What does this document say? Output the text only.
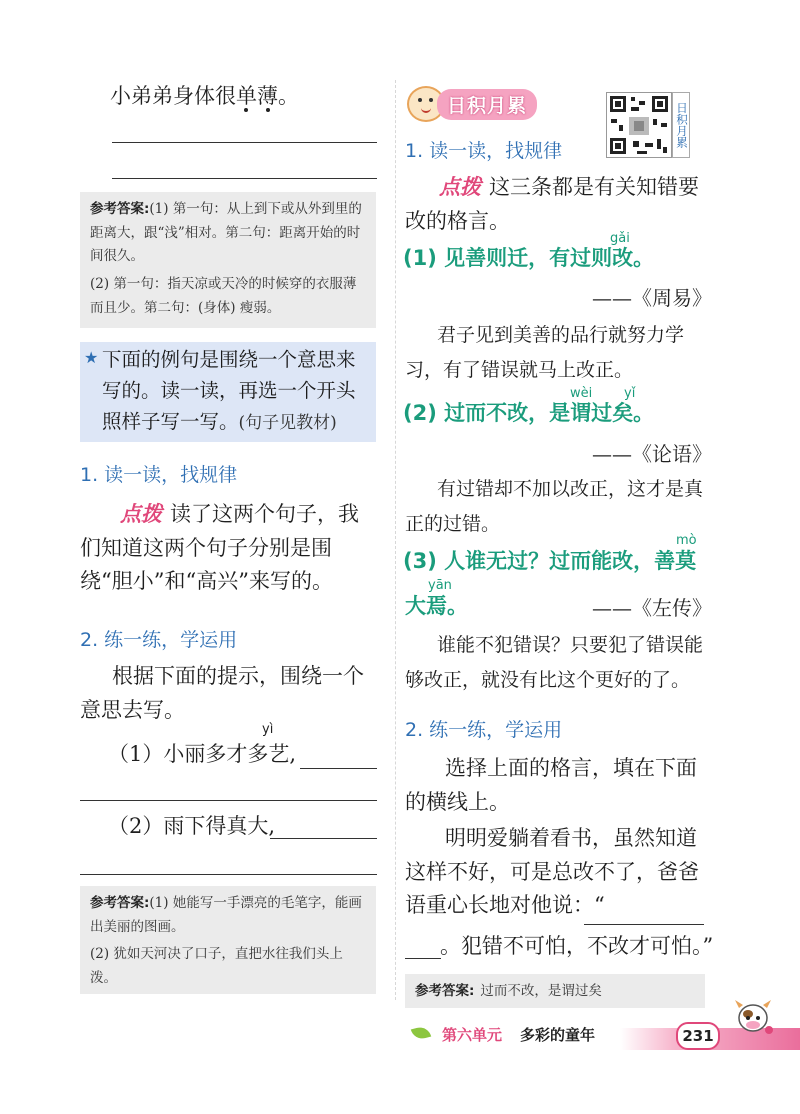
小弟弟身体很单薄。
参考答案:(1) 第一句：从上到下或从外到里的距离大，跟“浅”相对。第二句：距离开始的时间很久。
(2) 第一句：指天凉或天冷的时候穿的衣服薄而且少。第二句：(身体) 瘦弱。
★ 下面的例句是围绕一个意思来
写的。读一读，再选一个开头
照样子写一写。(句子见教材)
1. 读一读，找规律
点拨 读了这两个句子，我们知道这两个句子分别是围绕“胆小”和“高兴”来写的。
2. 练一练，学运用
根据下面的提示，围绕一个意思去写。
yì
（1）小丽多才多艺,
（2）雨下得真大,
参考答案:(1) 她能写一手漂亮的毛笔字，能画出美丽的图画。
(2) 犹如天河决了口子，直把水往我们头上泼。
日积月累	日积月累
1. 读一读，找规律
点拨 这三条都是有关知错要改的格言。
gǎi
(1) 见善则迁，有过则改。
——《周易》
君子见到美善的品行就努力学习，有了错误就马上改正。
wèi yǐ
(2) 过而不改，是谓过矣。
——《论语》
有过错却不加以改正，这才是真正的过错。
mò
(3) 人谁无过？过而能改，善莫
yān
大焉。	——《左传》
谁能不犯错误？只要犯了错误能够改正，就没有比这个更好的了。
2. 练一练，学运用
选择上面的格言，填在下面的横线上。
明明爱躺着看书，虽然知道这样不好，可是总改不了，爸爸语重心长地对他说：“
。犯错不可怕，不改才可怕。”
参考答案: 过而不改，是谓过矣
第六单元 多彩的童年	231
